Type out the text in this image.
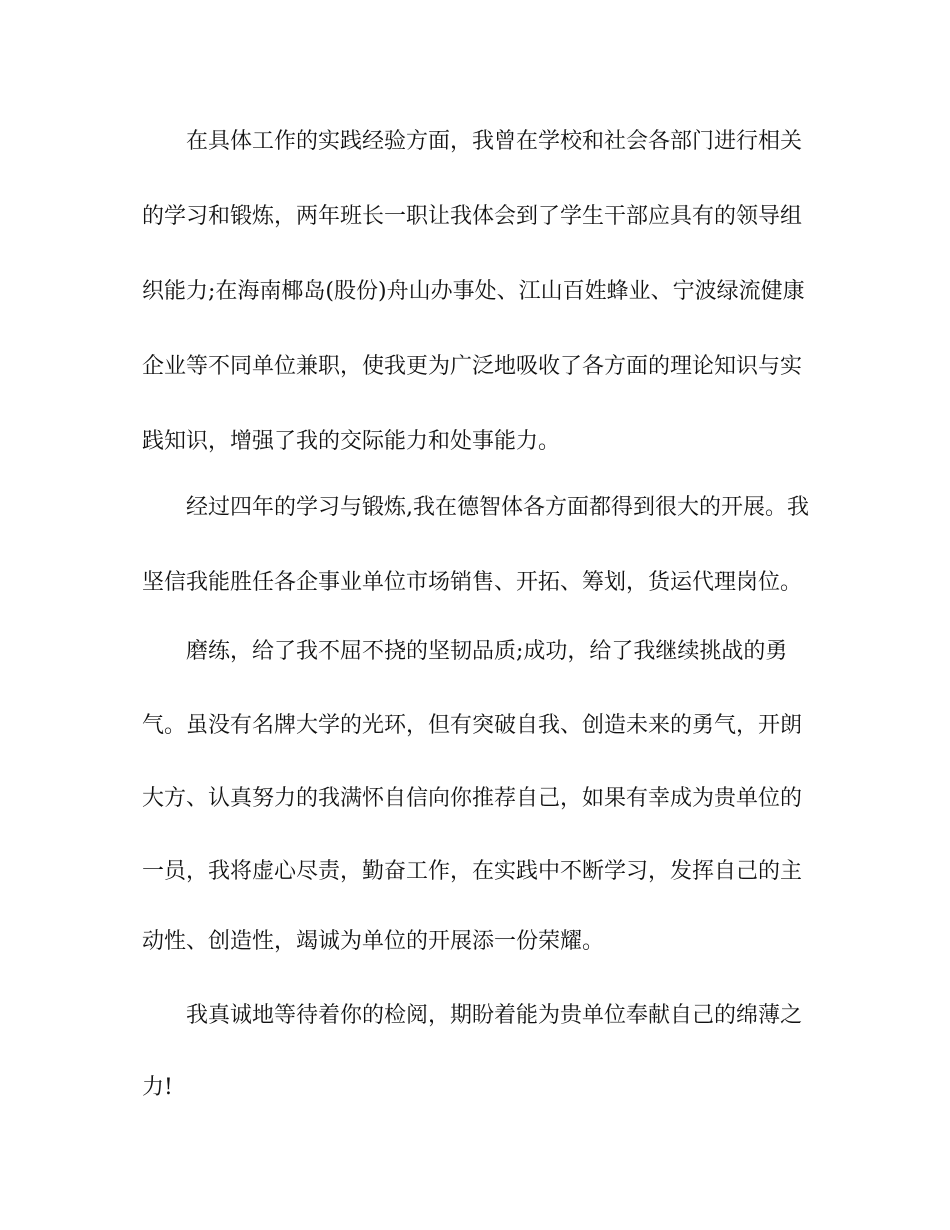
在具体工作的实践经验方面，我曾在学校和社会各部门进行相关
的学习和锻炼，两年班长一职让我体会到了学生干部应具有的领导组
织能力;在海南椰岛(股份)舟山办事处、江山百姓蜂业、宁波绿流健康
企业等不同单位兼职，使我更为广泛地吸收了各方面的理论知识与实
践知识，增强了我的交际能力和处事能力。
经过四年的学习与锻炼,我在德智体各方面都得到很大的开展。我
坚信我能胜任各企事业单位市场销售、开拓、筹划，货运代理岗位。
磨练，给了我不屈不挠的坚韧品质;成功，给了我继续挑战的勇
气。虽没有名牌大学的光环，但有突破自我、创造未来的勇气，开朗
大方、认真努力的我满怀自信向你推荐自己，如果有幸成为贵单位的
一员，我将虚心尽责，勤奋工作，在实践中不断学习，发挥自己的主
动性、创造性，竭诚为单位的开展添一份荣耀。
我真诚地等待着你的检阅，期盼着能为贵单位奉献自己的绵薄之
力!
